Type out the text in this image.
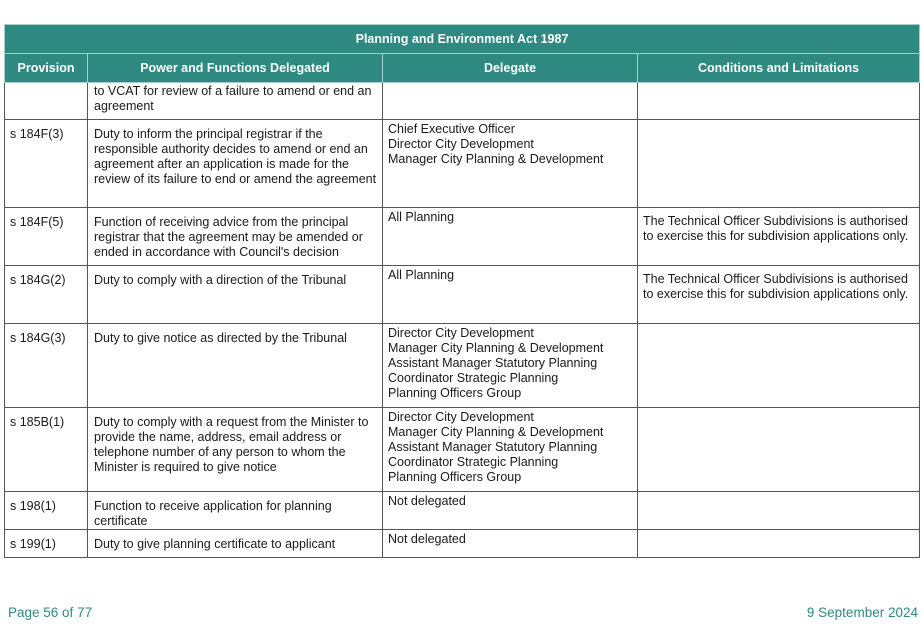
Planning and Environment Act 1987			
Provision	Power and Functions Delegated	Delegate	Conditions and Limitations
	to VCAT for review of a failure to amend or end an agreement		
s 184F(3)	Duty to inform the principal registrar if the responsible authority decides to amend or end an agreement after an application is made for the review of its failure to end or amend the agreement	Chief Executive Officer
Director City Development
Manager City Planning & Development	

s 184F(5)	Function of receiving advice from the principal registrar that the agreement may be amended or ended in accordance with Council's decision	All Planning	The Technical Officer Subdivisions is authorised to exercise this for subdivision applications only.
s 184G(2)	Duty to comply with a direction of the Tribunal	All Planning	The Technical Officer Subdivisions is authorised to exercise this for subdivision applications only.
s 184G(3)	Duty to give notice as directed by the Tribunal	Director City Development
Manager City Planning & Development
Assistant Manager Statutory Planning
Coordinator Strategic Planning
Planning Officers Group	

s 185B(1)	Duty to comply with a request from the Minister to provide the name, address, email address or telephone number of any person to whom the Minister is required to give notice	Director City Development
Manager City Planning & Development
Assistant Manager Statutory Planning
Coordinator Strategic Planning
Planning Officers Group	

s 198(1)	Function to receive application for planning certificate	Not delegated	

s 199(1)	Duty to give planning certificate to applicant	Not delegated	

Page 56 of 77	9 September 2024
